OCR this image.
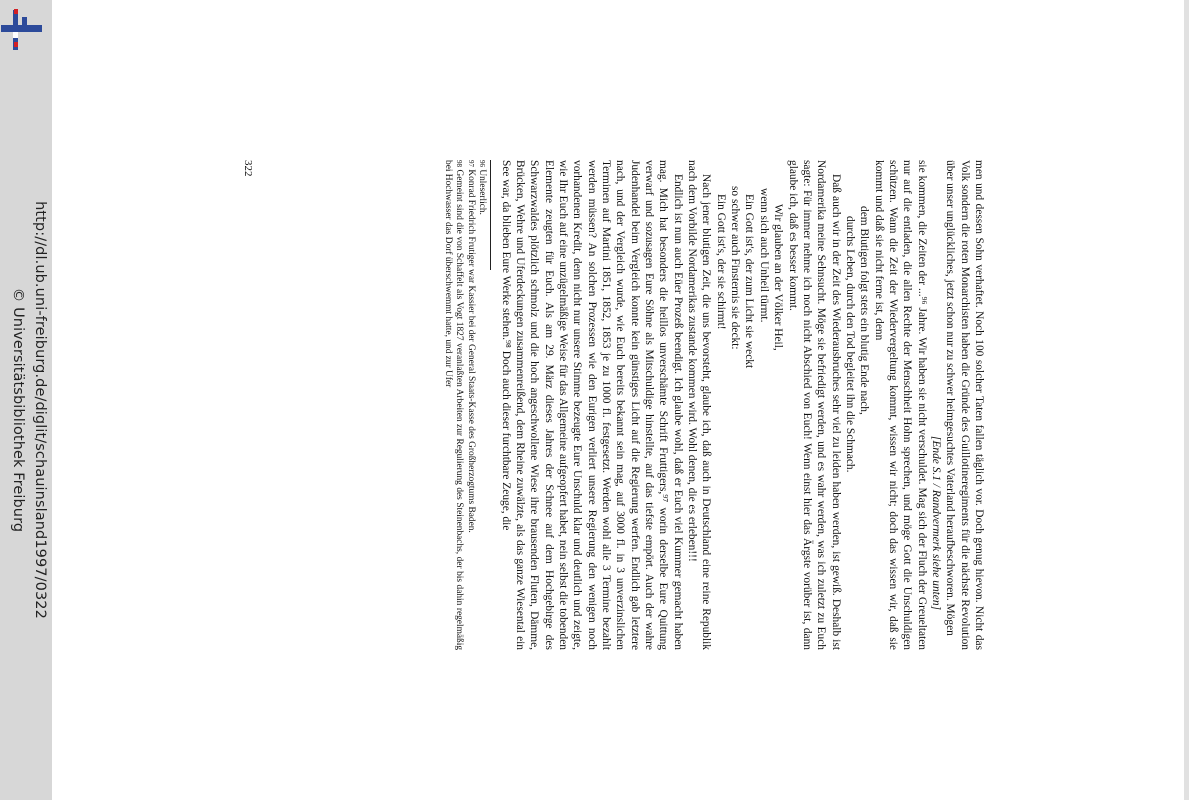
http://dl.ub.uni-freiburg.de/diglit/schauinsland1997/0322
© Universitätsbibliothek Freiburg	men und dessen Sohn verhaftet. Noch 100 solcher Taten fallen täglich vor. Doch genug hievon. Nicht das Volk sondern die roten Monarchisten haben die Gründe des Guillotineregiments für die nächste Revolution über unser unglückliches, jetzt schon nur zu schwer heimgesuchtes Vaterland heraufbeschworen. Mögen

[Ende S.1 / Randvermerk siehe unten]

sie kommen, die Zeiten der ...⁹⁶ Jahre. Wir haben sie nicht verschuldet. Mag sich der Fluch der Greueltaten nur auf die entladen, die allen Rechte der Menschheit Hohn sprechen, und möge Gott die Unschuldigen schützen. Wann die Zeit der Wiedervergeltung kommt, wissen wir nicht; doch das wissen wir, daß sie kommt und daß sie nicht ferne ist, denn

dem Blutigen folgt stets ein blutig Ende nach,
durchs Leben, durch den Tod begleitet ihn die Schmach.

Daß auch wir in der Zeit des Wiederausbruches sehr viel zu leiden haben werden, ist gewiß. Deshalb ist Nordamerika meine Sehnsucht. Möge sie befriedigt werden, und es wahr werden, was ich zuletzt zu Euch sagte: Für immer nehme ich noch nicht Abschied von Euch! Wenn einst hier das Ärgste vorüber ist, dann glaube ich, daß es besser kommt.

Wir glauben an der Völker Heil,
wenn sich auch Unheil türmt.
Ein Gott ist's, der zum Licht sie weckt
so schwer auch Finsternis sie deckt:
Ein Gott ist's, der sie schirmt!

Nach jener blutigen Zeit, die uns bevorsteht, glaube ich, daß auch in Deutschland eine reine Republik nach dem Vorbilde Nordamerikas zustande kommen wird. Wohl denen, die es erleben!!!

Endlich ist nun auch Eüer Prozeß beendigt. Ich glaube wohl, daß er Euch viel Kummer gemacht haben mag. Mich hat besonders die heillos unverschämte Schrift Fruttigers,⁹⁷ worin derselbe Eure Quittung verwarf und sozusagen Eure Söhne als Mitschuldige hinstellte, auf das tiefste empört. Auch der wahre Judenhandel beim Vergleich konnte kein günstiges Licht auf die Regierung werfen. Endlich gab letztere nach, und der Vergleich wurde, wie Euch bereits bekannt sein mag, auf 3000 fl. in 3 unverzinslichen Terminen auf Martini 1851, 1852, 1853 je zu 1000 fl. festgesetzt. Werden wohl alle 3 Termine bezahlt werden müssen? An solchen Prozessen wie den Eurigen verliert unsere Regierung den wenigen noch vorhandenen Kredit, denn nicht nur unsere Stimme bezeugte Eure Unschuld klar und deutlich und zeigte, wie Ihr Euch auf eine unzügelmäßige Weise für das Allgemeine aufgeopfert habet, nein selbst die tobenden Elemente zeugten für Euch. Als am 29. März dieses Jahres der Schnee auf dem Hochgebirge des Schwarzwaldes plötzlich schmolz und die hoch angeschwollene Wiese ihre brausenden Fluten, Dämme, Brücken, Wehre und Uferdeckungen zusammenreißend, dem Rheine zuwälzte, als das ganze Wiesental ein See war, da blieben Eure Werke stehen.⁹⁸ Doch auch dieser furchtbare Zeuge, die

$^{96}$ Unleserlich.
$^{97}$ Konrad Friedrich Frutiger war Kassier bei der General Staats-Kasse des Großherzogtums Baden.
$^{98}$ Gemeint sind die von Schaffelt als Vogt 1827 veranlaßten Arbeiten zur Regulierung des Steinenbachs, der bis dahin regelmäßig bei Hochwasser das Dorf überschwemmt hatte, und zur Ufer
322
